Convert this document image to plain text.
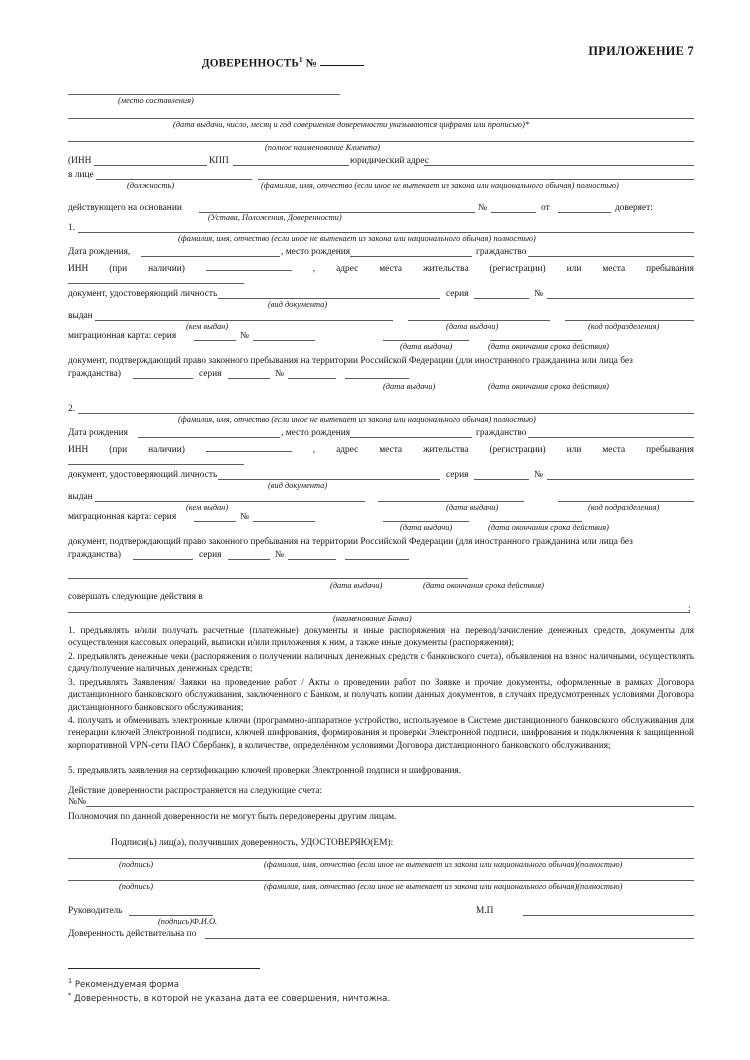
ПРИЛОЖЕНИЕ 7
ДОВЕРЕННОСТЬ$^1$ №
(место составления)
(дата выдачи, число, месяц и год совершения доверенности указываются цифрами или прописью)*
(полное наименование Клиента)
(ИНН	КПП	юридический адрес
в лице
(должность)	(фамилия, имя, отчество (если иное не вытекает из закона или национального обычая) полностью)
действующего на основании	№	от	доверяет:
(Устава, Положения, Доверенности)
1.
(фамилия, имя, отчество (если иное не вытекает из закона или национального обычая) полностью)
Дата рождения,	, место рождения	гражданство
ИНН (при наличии)	, адрес места жительства (регистрации) или места пребывания
документ, удостоверяющий личность	серия	№
(вид документа)
выдан
(кем выдан)	(дата выдачи)	(код подразделения)
миграционная карта: серия	№
(дата выдачи)	(дата окончания срока действия)
документ, подтверждающий право законного пребывания на территории Российской Федерации (для иностранного гражданина или лица без
гражданства)	серия	№
(дата выдачи)	(дата окончания срока действия)
2.
(фамилия, имя, отчество (если иное не вытекает из закона или национального обычая) полностью)
Дата рождения	, место рождения	гражданство
ИНН (при наличии)	, адрес места жительства (регистрации) или места пребывания
документ, удостоверяющий личность	серия	№
(вид документа)
выдан
(кем выдан)	(дата выдачи)	(код подразделения)
миграционная карта: серия	№
(дата выдачи)	(дата окончания срока действия)
документ, подтверждающий право законного пребывания на территории Российской Федерации (для иностранного гражданина или лица без
гражданства)	серия	№
(дата выдачи)	(дата окончания срока действия)
совершать следующие действия в
;
(наименование Банка)
1. предъявлять и/или получать расчетные (платежные) документы и иные распоряжения на перевод/зачисление денежных средств, документы для осуществления кассовых операций, выписки и/или приложения к ним, а также иные документы (распоряжения);
2. предъявлять денежные чеки (распоряжения о получении наличных денежных средств с банковского счета), объявления на взнос наличными, осуществлять сдачу/получение наличных денежных средств;
3. предъявлять Заявления/ Заявки на проведение работ / Акты о проведении работ по Заявке и прочие документы, оформленные в рамках Договора дистанционного банковского обслуживания, заключенного с Банком, и получать копии данных документов, в случаях предусмотренных условиями Договора дистанционного банковского обслуживания;
4. получать и обменивать электронные ключи (программно-аппаратное устройство, используемое в Системе дистанционного банковского обслуживания для генерации ключей Электронной подписи, ключей шифрования, формирования и проверки Электронной подписи, шифрования и подключения к защищенной корпоративной VPN-сети ПАО Сбербанк), в количестве, определённом условиями Договора дистанционного банковского обслуживания;
5. предъявлять заявления на сертификацию ключей проверки Электронной подписи и шифрования.
Действие доверенности распространяется на следующие счета:
№№
Полномочия по данной доверенности не могут быть передоверены другим лицам.
Подписи(ь) лиц(а), получивших доверенность, УДОСТОВЕРЯЮ(ЕМ):
(подпись)	(фамилия, имя, отчество (если иное не вытекает из закона или национального обычая)(полностью)
(подпись)	(фамилия, имя, отчество (если иное не вытекает из закона или национального обычая)(полностью)
Руководитель	М.П
(подпись)Ф.И.О.
Доверенность действительна по
$^1$ Рекомендуемая форма
* Доверенность, в которой не указана дата ее совершения, ничтожна.
